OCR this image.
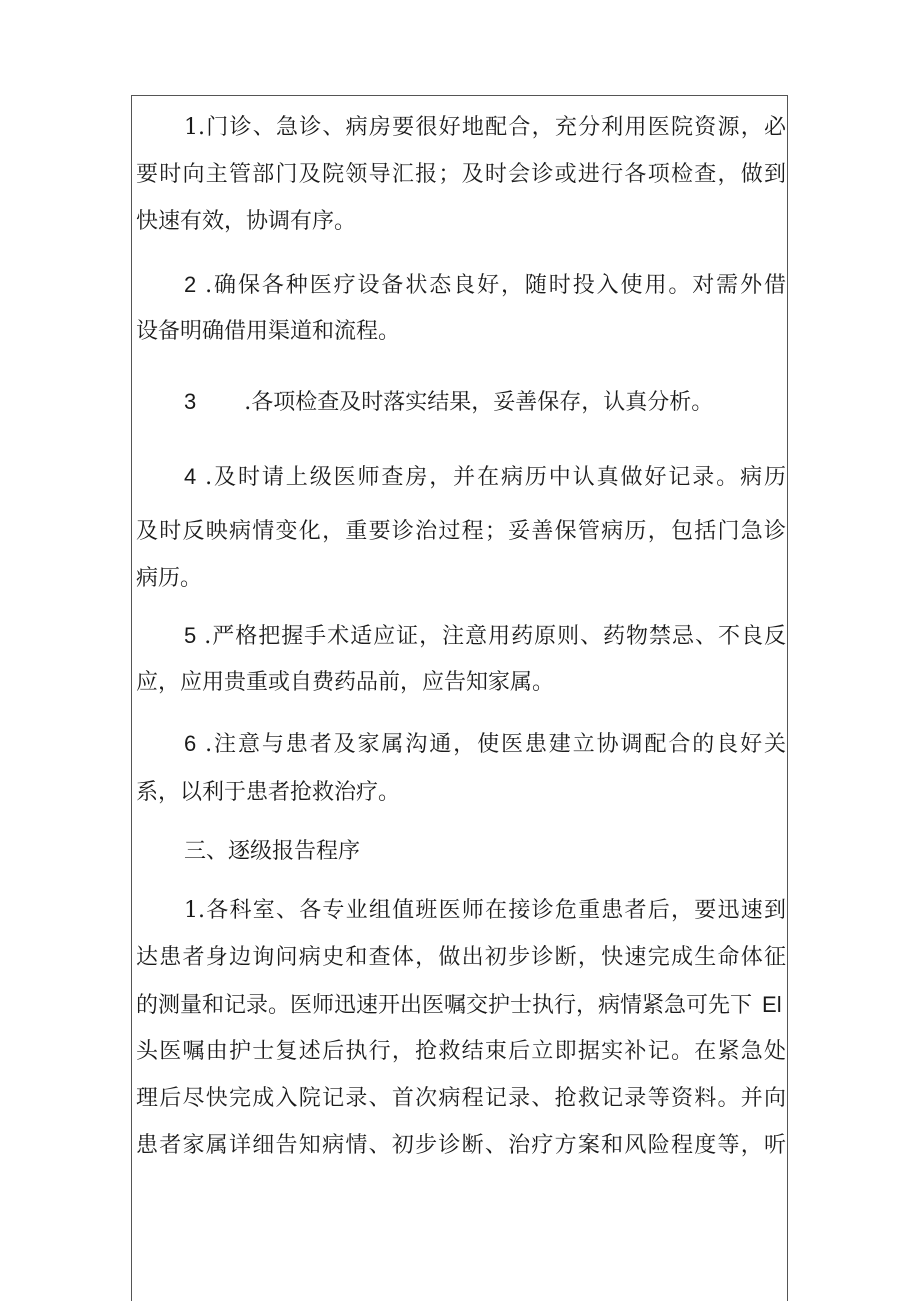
1.门诊、急诊、病房要很好地配合，充分利用医院资源，必
要时向主管部门及院领导汇报；及时会诊或进行各项检查，做到
快速有效，协调有序。
2 .确保各种医疗设备状态良好，随时投入使用。对需外借
设备明确借用渠道和流程。
3 .各项检查及时落实结果，妥善保存，认真分析。
4 .及时请上级医师查房，并在病历中认真做好记录。病历
及时反映病情变化，重要诊治过程；妥善保管病历，包括门急诊
病历。
5 .严格把握手术适应证，注意用药原则、药物禁忌、不良反
应，应用贵重或自费药品前，应告知家属。
6 .注意与患者及家属沟通，使医患建立协调配合的良好关
系，以利于患者抢救治疗。
三、逐级报告程序
1.各科室、各专业组值班医师在接诊危重患者后，要迅速到
达患者身边询问病史和查体，做出初步诊断，快速完成生命体征
的测量和记录。医师迅速开出医嘱交护士执行，病情紧急可先下 El
头医嘱由护士复述后执行，抢救结束后立即据实补记。在紧急处
理后尽快完成入院记录、首次病程记录、抢救记录等资料。并向
患者家属详细告知病情、初步诊断、治疗方案和风险程度等，听
